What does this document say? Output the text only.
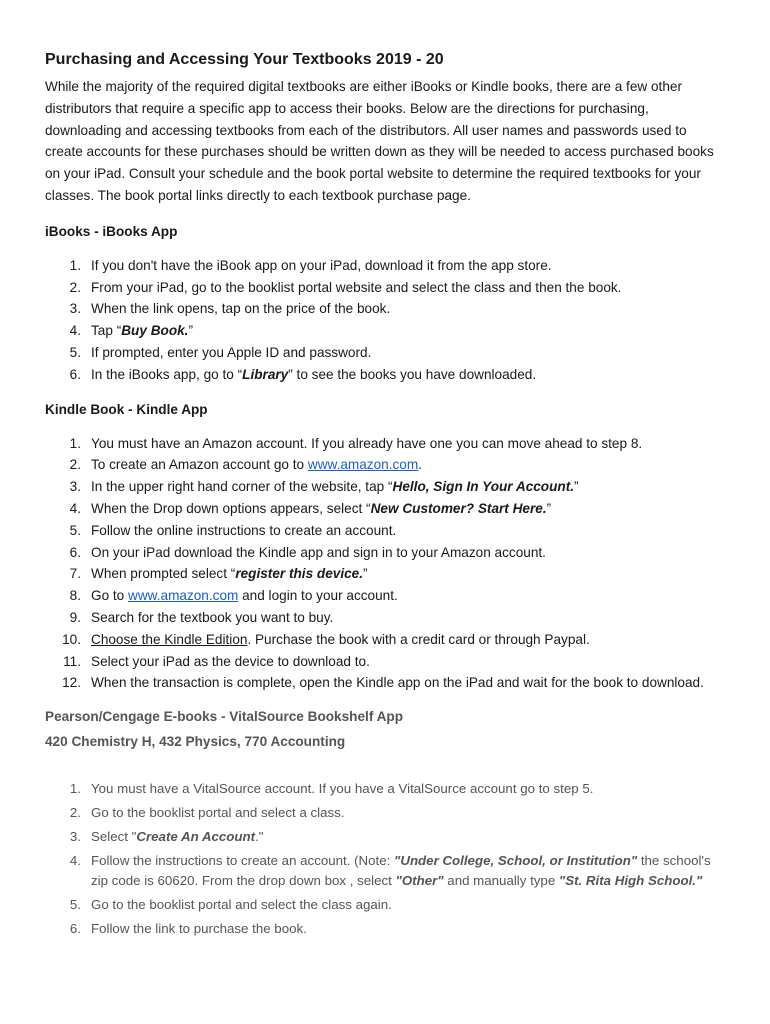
Purchasing and Accessing Your Textbooks 2019 - 20

While the majority of the required digital textbooks are either iBooks or Kindle books, there are a few other distributors that require a specific app to access their books. Below are the directions for purchasing, downloading and accessing textbooks from each of the distributors. All user names and passwords used to create accounts for these purchases should be written down as they will be needed to access purchased books on your iPad. Consult your schedule and the book portal website to determine the required textbooks for your classes. The book portal links directly to each textbook purchase page.

iBooks - iBooks App
1. If you don't have the iBook app on your iPad, download it from the app store.
2. From your iPad, go to the booklist portal website and select the class and then the book.
3. When the link opens, tap on the price of the book.
4. Tap “Buy Book.”
5. If prompted, enter you Apple ID and password.
6. In the iBooks app, go to “Library” to see the books you have downloaded.
Kindle Book - Kindle App
1. You must have an Amazon account. If you already have one you can move ahead to step 8.
2. To create an Amazon account go to www.amazon.com.
3. In the upper right hand corner of the website, tap “Hello, Sign In Your Account.”
4. When the Drop down options appears, select “New Customer? Start Here.”
5. Follow the online instructions to create an account.
6. On your iPad download the Kindle app and sign in to your Amazon account.
7. When prompted select “register this device.”
8. Go to www.amazon.com and login to your account.
9. Search for the textbook you want to buy.
10. Choose the Kindle Edition. Purchase the book with a credit card or through Paypal.
11. Select your iPad as the device to download to.
12. When the transaction is complete, open the Kindle app on the iPad and wait for the book to download.
Pearson/Cengage E-books - VitalSource Bookshelf App
420 Chemistry H, 432 Physics, 770 Accounting
1. You must have a VitalSource account. If you have a VitalSource account go to step 5.
2. Go to the booklist portal and select a class.
3. Select "Create An Account."
4. Follow the instructions to create an account. (Note: "Under College, School, or Institution" the school's zip code is 60620. From the drop down box , select "Other" and manually type "St. Rita High School."
5. Go to the booklist portal and select the class again.
6. Follow the link to purchase the book.
